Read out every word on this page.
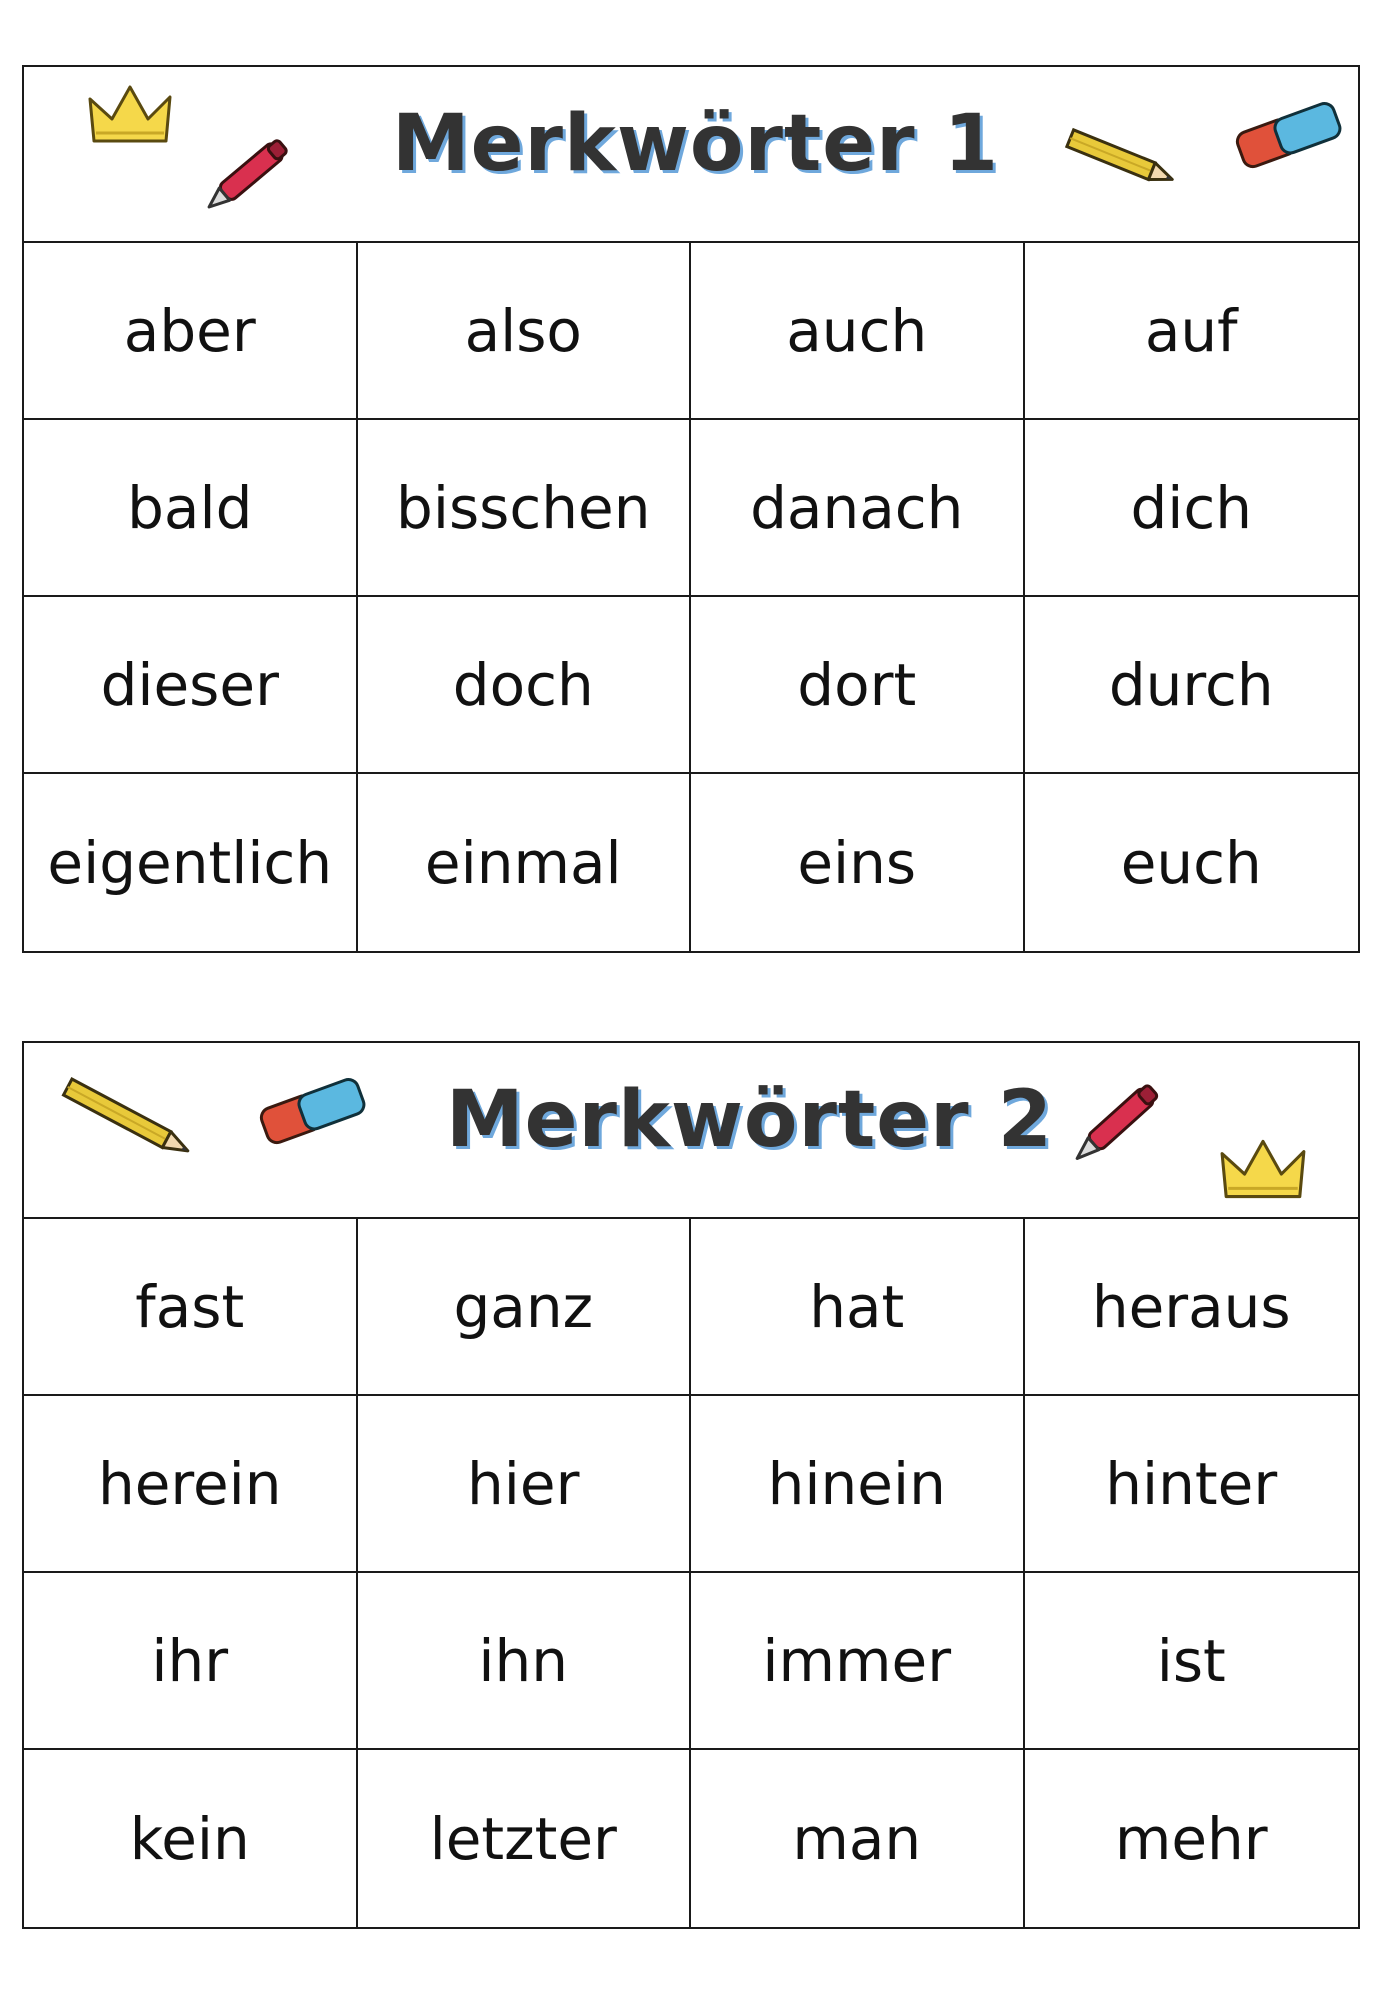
Merkwörter 1
aber	also	auch	auf
bald	bisschen	danach	dich
dieser	doch	dort	durch
eigentlich	einmal	eins	euch
Merkwörter 2
fast	ganz	hat	heraus
herein	hier	hinein	hinter
ihr	ihn	immer	ist
kein	letzter	man	mehr
